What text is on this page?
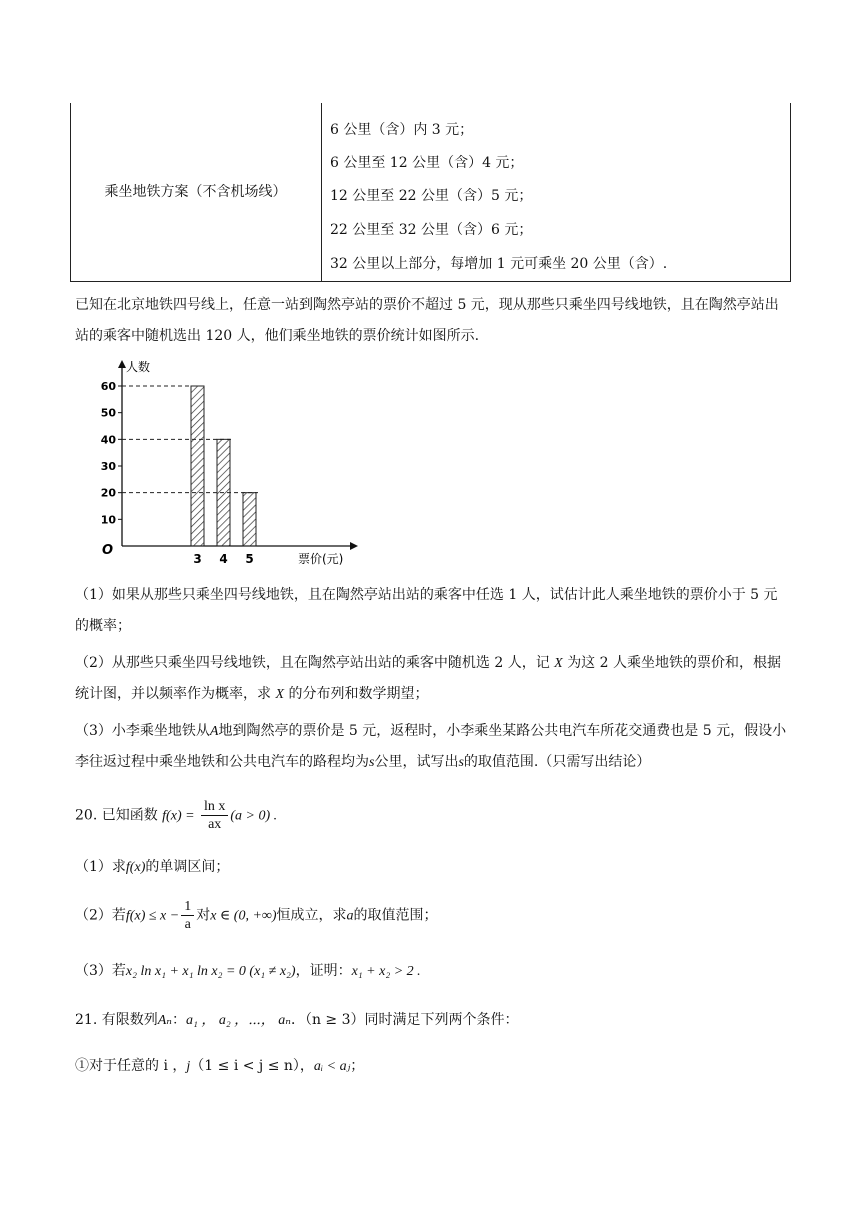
乘坐地铁方案（不含机场线）
6 公里（含）内 3 元；
6 公里至 12 公里（含）4 元；
12 公里至 22 公里（含）5 元；
22 公里至 32 公里（含）6 元；
32 公里以上部分，每增加 1 元可乘坐 20 公里（含）.
已知在北京地铁四号线上，任意一站到陶然亭站的票价不超过 5 元，现从那些只乘坐四号线地铁，且在陶然亭站出站的乘客中随机选出 120 人，他们乘坐地铁的票价统计如图所示.
人数
票价(元)
O
10
20
30
40
50
60
3 4 5
（1）如果从那些只乘坐四号线地铁，且在陶然亭站出站的乘客中任选 1 人，试估计此人乘坐地铁的票价小于 5 元的概率；
（2）从那些只乘坐四号线地铁，且在陶然亭站出站的乘客中随机选 2 人，记 X 为这 2 人乘坐地铁的票价和，根据统计图，并以频率作为概率，求 X 的分布列和数学期望；
（3）小李乘坐地铁从A地到陶然亭的票价是 5 元，返程时，小李乘坐某路公共电汽车所花交通费也是 5 元，假设小李往返过程中乘坐地铁和公共电汽车的路程均为s公里，试写出s的取值范围.（只需写出结论）
20. 已知函数 $f(x) = \frac{\text{ln x}}{ax} (a > 0)$ .
（1）求f(x)的单调区间；
（2）若$f(x) \le x - \frac{1}{a}$ 对x ∈ (0, +∞)恒成立，求a的取值范围；
（3）若x₂ ln x₁ + x₁ ln x₂ = 0 (x₁ ≠ x₂)，证明：x₁ + x₂ > 2 .
21. 有限数列Aₙ：a₁ ， a₂ ，⋯， aₙ．（n ≥ 3）同时满足下列两个条件：
①对于任意的 i ，j（1 ≤ i < j ≤ n），aᵢ < aⱼ；
